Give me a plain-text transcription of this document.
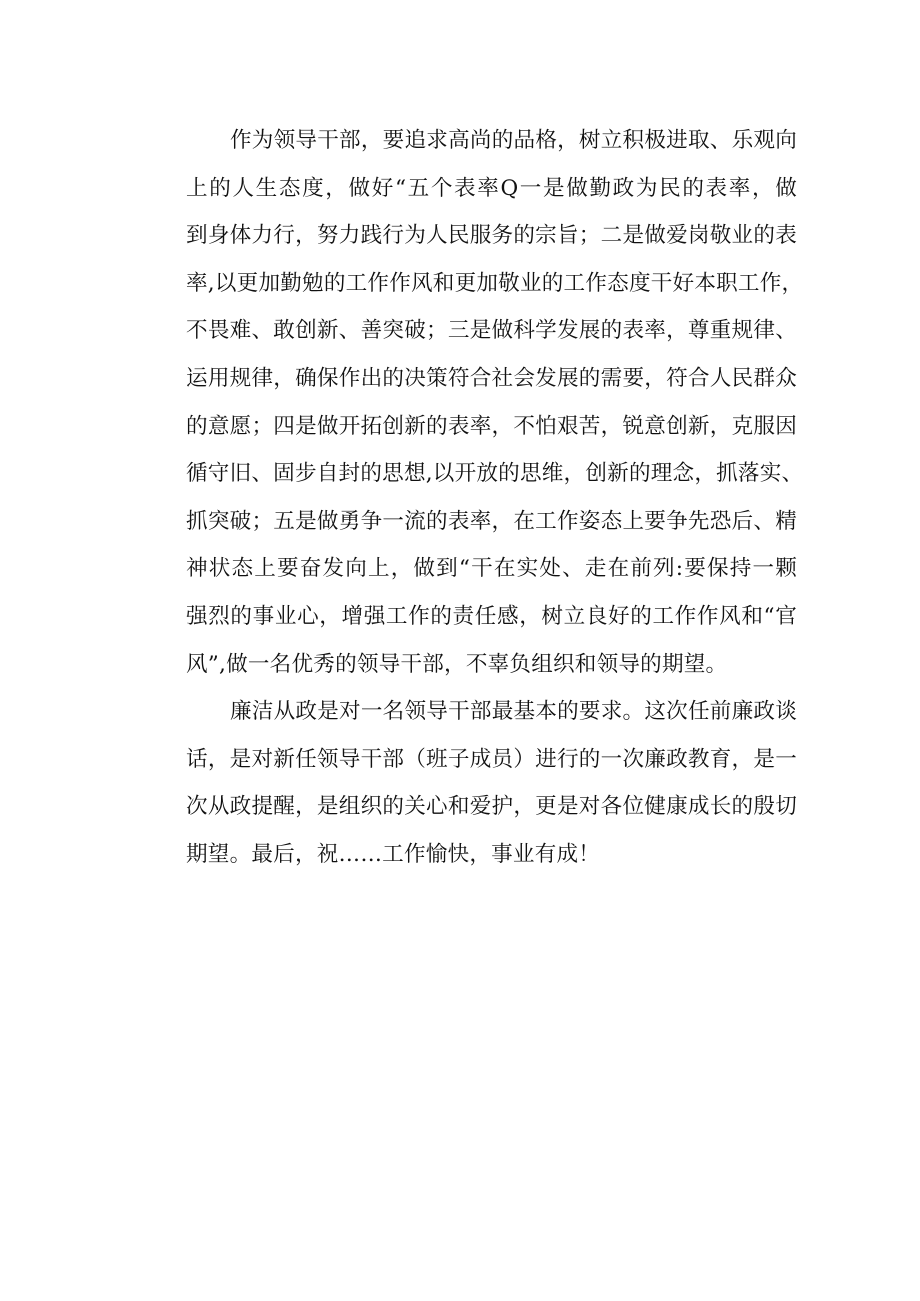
作为领导干部，要追求高尚的品格，树立积极进取、乐观向
上的人生态度，做好“五个表率Q一是做勤政为民的表率，做
到身体力行，努力践行为人民服务的宗旨；二是做爱岗敬业的表
率,以更加勤勉的工作作风和更加敬业的工作态度干好本职工作，
不畏难、敢创新、善突破；三是做科学发展的表率，尊重规律、
运用规律，确保作出的决策符合社会发展的需要，符合人民群众
的意愿；四是做开拓创新的表率，不怕艰苦，锐意创新，克服因
循守旧、固步自封的思想,以开放的思维，创新的理念，抓落实、
抓突破；五是做勇争一流的表率，在工作姿态上要争先恐后、精
神状态上要奋发向上，做到“干在实处、走在前列:要保持一颗
强烈的事业心，增强工作的责任感，树立良好的工作作风和“官
风”,做一名优秀的领导干部，不辜负组织和领导的期望。
廉洁从政是对一名领导干部最基本的要求。这次任前廉政谈
话，是对新任领导干部（班子成员）进行的一次廉政教育，是一
次从政提醒，是组织的关心和爱护，更是对各位健康成长的殷切
期望。最后，祝……工作愉快，事业有成！
